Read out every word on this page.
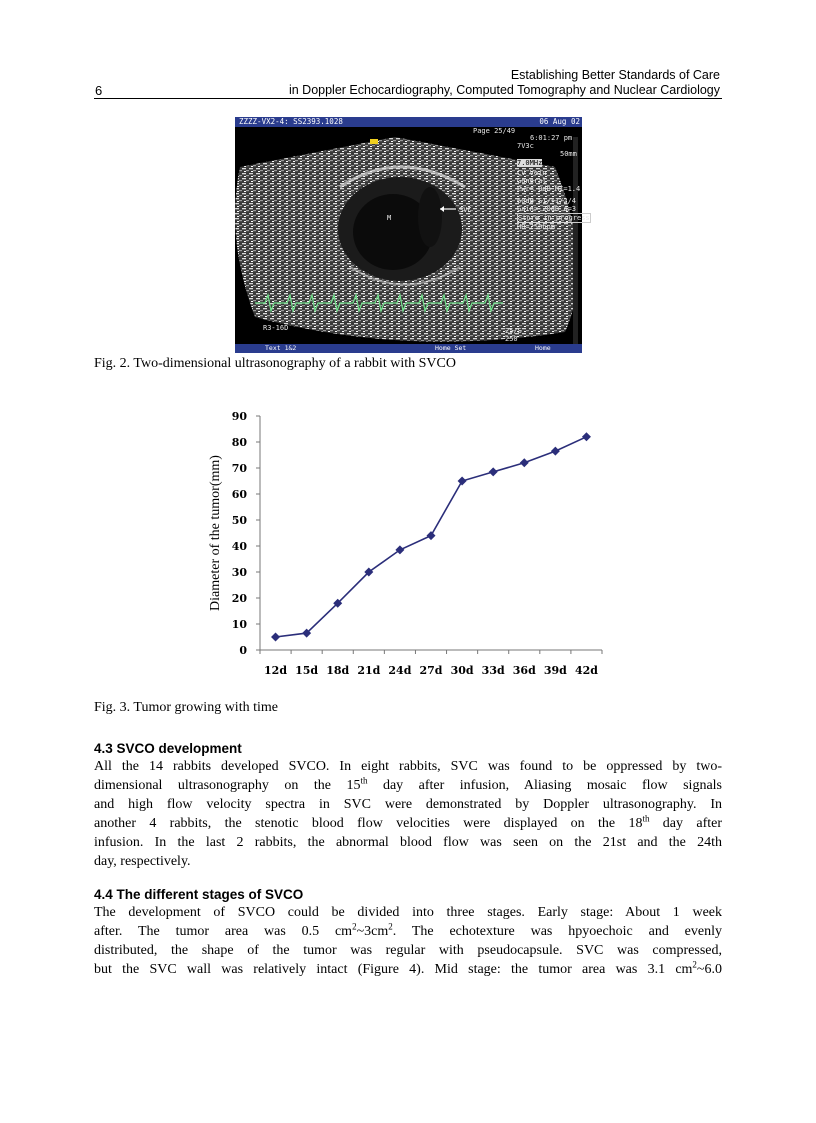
Establishing Better Standards of Care
in Doppler Echocardiography, Computed Tomography and Nuclear Cardiology
6
ZZZZ-VX2-4: SS2393.1028	06 Aug 02
Page 25/49
6:01:27 pm
7V3c
7.0MHz
CV Vein
General
Pwr= 0dB MI=1.4
60dB S1/+1/2/4
Gain=-20dB Δ=3
Store in progress
HR=250bpm
50mm
SVC
M
R3-16D	25/S
250
Text 1&2	Home Set	Home
Fig. 2. Two-dimensional ultrasonography of a rabbit with SVCO
0
10
20
30
40
50
60
70
80
90
12d 15d 18d 21d 24d 27d 30d 33d 36d 39d 42d
Diameter of the tumor(mm)
Fig. 3. Tumor growing with time
4.3 SVCO development
All the 14 rabbits developed SVCO. In eight rabbits, SVC was found to be oppressed by two-
dimensional ultrasonography on the 15th day after infusion, Aliasing mosaic flow signals
and high flow velocity spectra in SVC were demonstrated by Doppler ultrasonography. In
another 4 rabbits, the stenotic blood flow velocities were displayed on the 18th day after
infusion. In the last 2 rabbits, the abnormal blood flow was seen on the 21st and the 24th
day, respectively.
4.4 The different stages of SVCO
The development of SVCO could be divided into three stages. Early stage: About 1 week
after. The tumor area was 0.5 $cm^2\sim 3cm^2$. The echotexture was hpyoechoic and evenly
distributed, the shape of the tumor was regular with pseudocapsule. SVC was compressed,
but the SVC wall was relatively intact (Figure 4). Mid stage: the tumor area was 3.1 $cm^2\sim 6.0$
